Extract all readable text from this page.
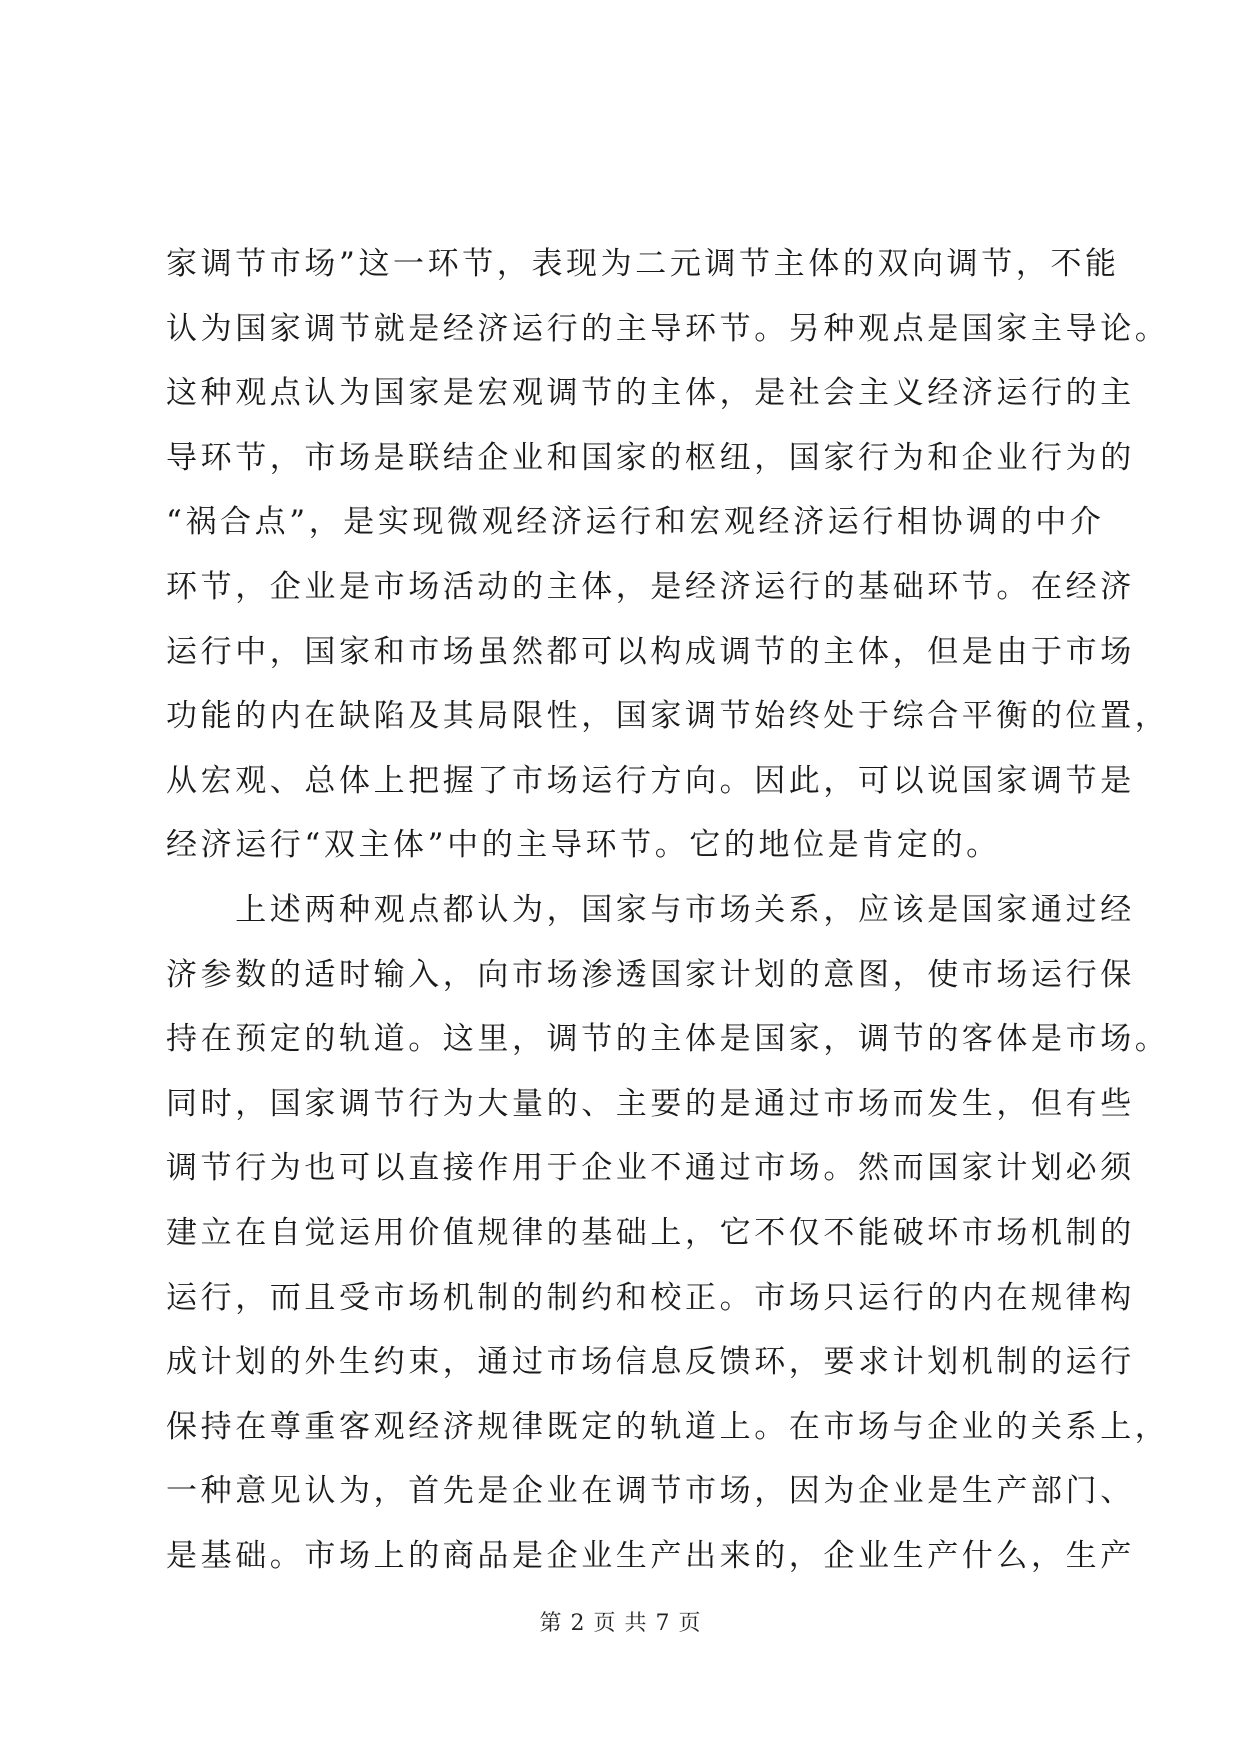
家调节市场”这一环节，表现为二元调节主体的双向调节，不能
认为国家调节就是经济运行的主导环节。另种观点是国家主导论。
这种观点认为国家是宏观调节的主体，是社会主义经济运行的主
导环节，市场是联结企业和国家的枢纽，国家行为和企业行为的
“祸合点”，是实现微观经济运行和宏观经济运行相协调的中介
环节，企业是市场活动的主体，是经济运行的基础环节。在经济
运行中，国家和市场虽然都可以构成调节的主体，但是由于市场
功能的内在缺陷及其局限性，国家调节始终处于综合平衡的位置，
从宏观、总体上把握了市场运行方向。因此，可以说国家调节是
经济运行“双主体”中的主导环节。它的地位是肯定的。
　　上述两种观点都认为，国家与市场关系，应该是国家通过经
济参数的适时输入，向市场渗透国家计划的意图，使市场运行保
持在预定的轨道。这里，调节的主体是国家，调节的客体是市场。
同时，国家调节行为大量的、主要的是通过市场而发生，但有些
调节行为也可以直接作用于企业不通过市场。然而国家计划必须
建立在自觉运用价值规律的基础上，它不仅不能破坏市场机制的
运行，而且受市场机制的制约和校正。市场只运行的内在规律构
成计划的外生约束，通过市场信息反馈环，要求计划机制的运行
保持在尊重客观经济规律既定的轨道上。在市场与企业的关系上，
一种意见认为，首先是企业在调节市场，因为企业是生产部门、
是基础。市场上的商品是企业生产出来的，企业生产什么，生产
第 2 页 共 7 页
